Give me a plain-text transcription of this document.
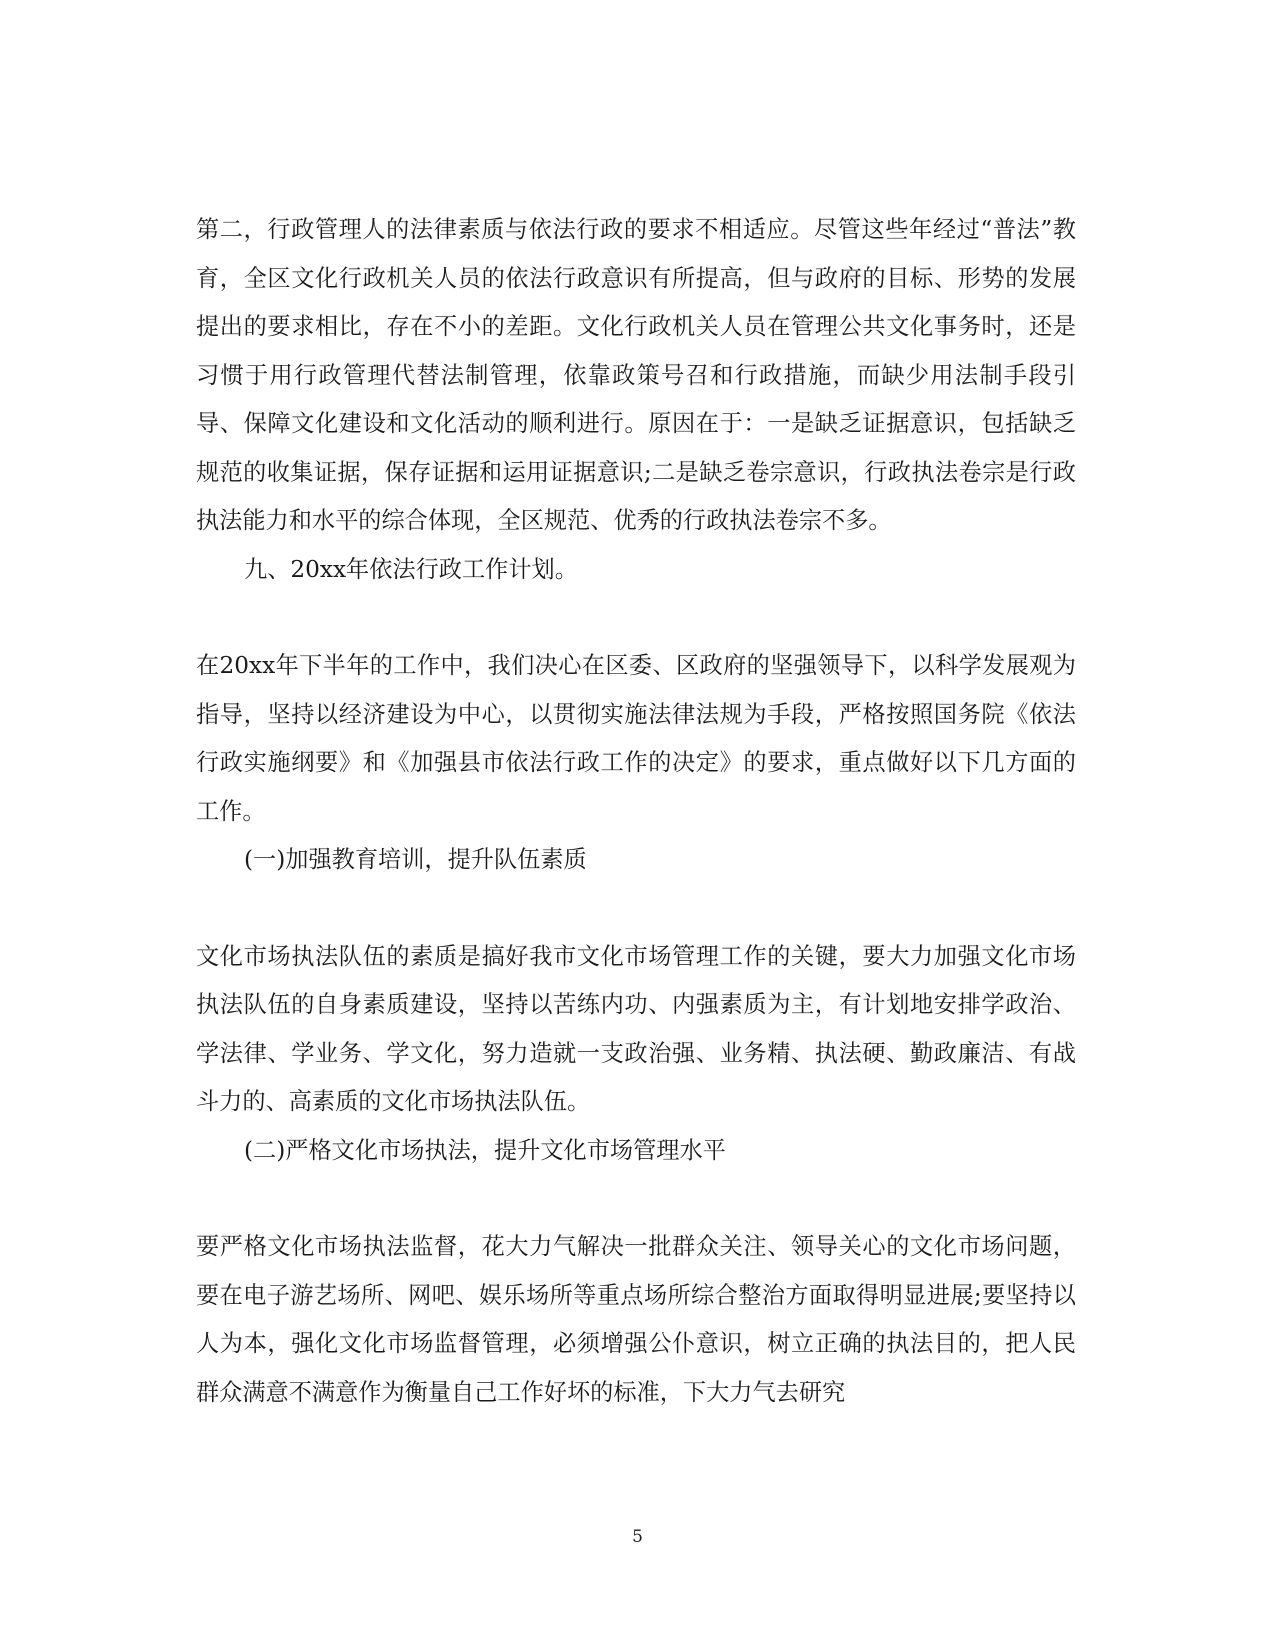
第二，行政管理人的法律素质与依法行政的要求不相适应。尽管这些年经过“普法”教育，全区文化行政机关人员的依法行政意识有所提高，但与政府的目标、形势的发展提出的要求相比，存在不小的差距。文化行政机关人员在管理公共文化事务时，还是习惯于用行政管理代替法制管理，依靠政策号召和行政措施，而缺少用法制手段引导、保障文化建设和文化活动的顺利进行。原因在于：一是缺乏证据意识，包括缺乏规范的收集证据，保存证据和运用证据意识;二是缺乏卷宗意识，行政执法卷宗是行政执法能力和水平的综合体现，全区规范、优秀的行政执法卷宗不多。

九、20xx年依法行政工作计划。

在20xx年下半年的工作中，我们决心在区委、区政府的坚强领导下，以科学发展观为指导，坚持以经济建设为中心，以贯彻实施法律法规为手段，严格按照国务院《依法行政实施纲要》和《加强县市依法行政工作的决定》的要求，重点做好以下几方面的工作。

(一)加强教育培训，提升队伍素质

文化市场执法队伍的素质是搞好我市文化市场管理工作的关键，要大力加强文化市场执法队伍的自身素质建设，坚持以苦练内功、内强素质为主，有计划地安排学政治、学法律、学业务、学文化，努力造就一支政治强、业务精、执法硬、勤政廉洁、有战斗力的、高素质的文化市场执法队伍。

(二)严格文化市场执法，提升文化市场管理水平

要严格文化市场执法监督，花大力气解决一批群众关注、领导关心的文化市场问题，要在电子游艺场所、网吧、娱乐场所等重点场所综合整治方面取得明显进展;要坚持以人为本，强化文化市场监督管理，必须增强公仆意识，树立正确的执法目的，把人民群众满意不满意作为衡量自己工作好坏的标准，下大力气去研究

5
